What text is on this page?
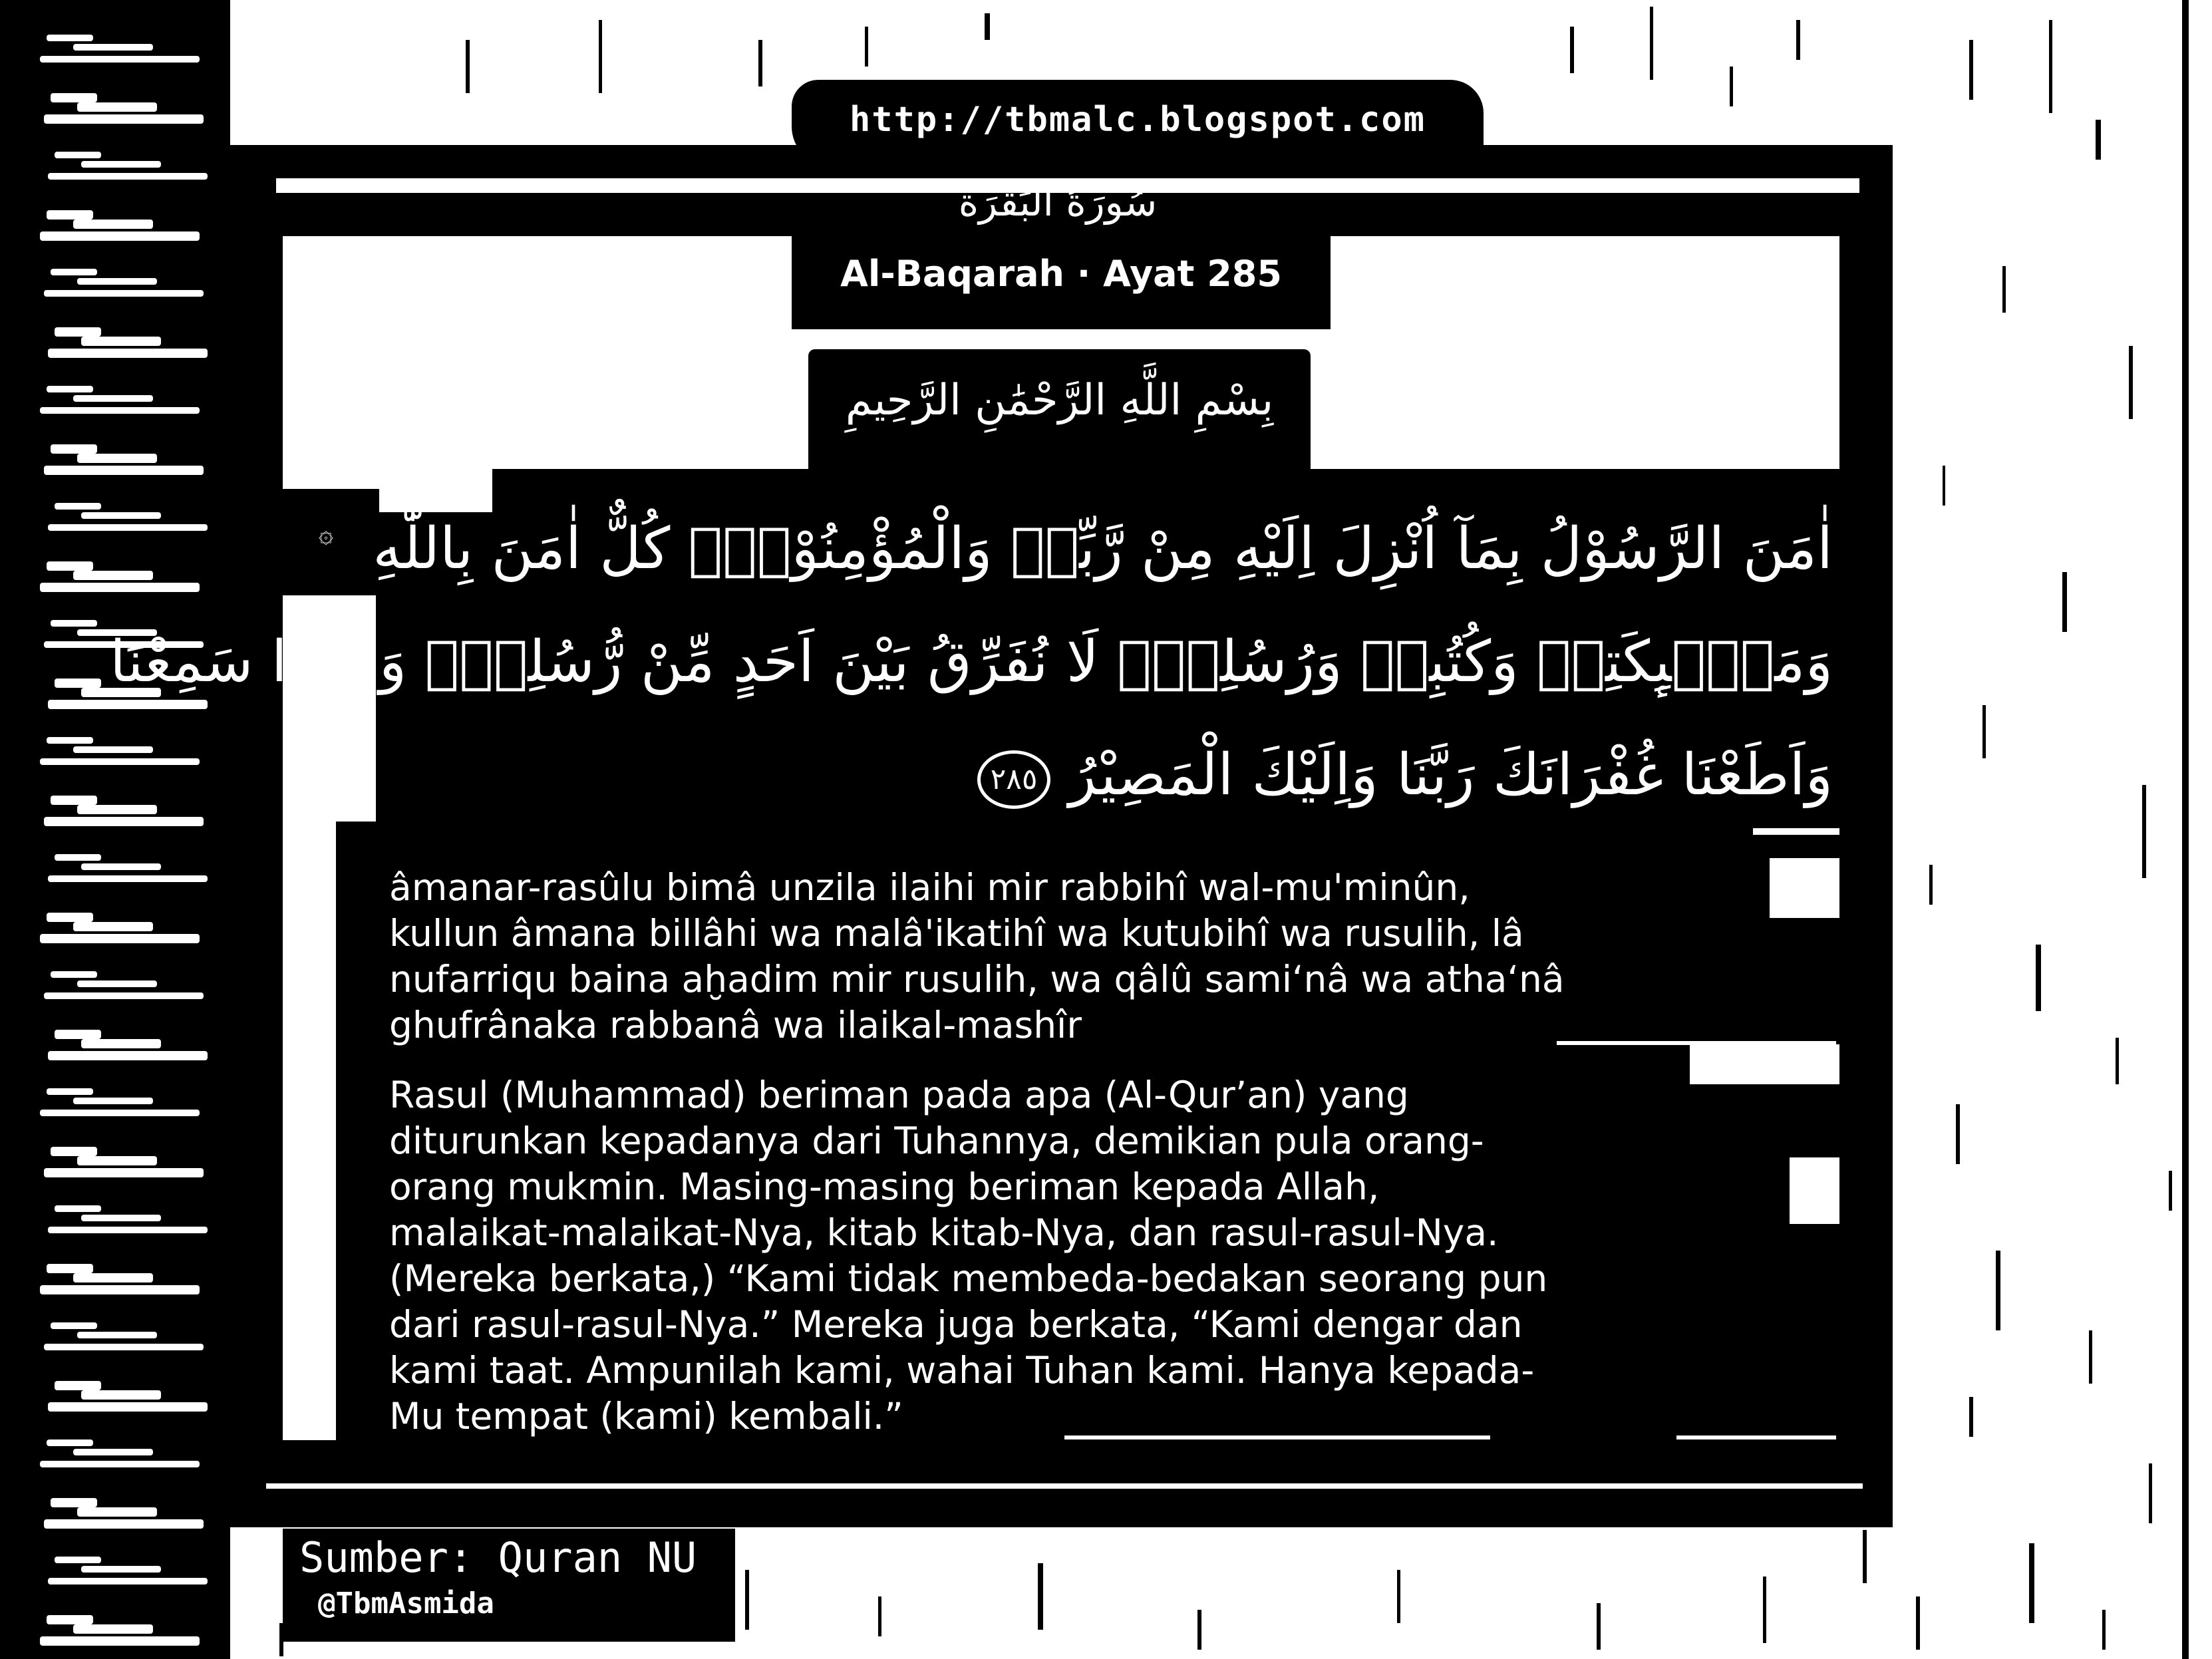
http://tbmalc.blogspot.com
سُورَةُ البَقَرَة
Al-Baqarah · Ayat 285
بِسْمِ اللَّهِ الرَّحْمَٰنِ الرَّحِيمِ
۞ اٰمَنَ الرَّسُوْلُ بِمَآ اُنْزِلَ اِلَيْهِ مِنْ رَّبِّهٖ وَالْمُؤْمِنُوْنَۗ كُلٌّ اٰمَنَ بِاللّٰهِ
وَمَلٰۤىِٕكَتِهٖ وَكُتُبِهٖ وَرُسُلِهٖۗ لَا نُفَرِّقُ بَيْنَ اَحَدٍ مِّنْ رُّسُلِهٖۗ وَقَالُوْا سَمِعْنَا
وَاَطَعْنَا غُفْرَانَكَ رَبَّنَا وَاِلَيْكَ الْمَصِيْرُ ٢٨٥
âmanar-rasûlu bimâ unzila ilaihi mir rabbihî wal-mu'minûn,
kullun âmana billâhi wa malâ'ikatihî wa kutubihî wa rusulih, lâ
nufarriqu baina aḫadim mir rusulih, wa qâlû sami‘nâ wa atha‘nâ
ghufrânaka rabbanâ wa ilaikal-mashîr
Rasul (Muhammad) beriman pada apa (Al-Qur’an) yang
diturunkan kepadanya dari Tuhannya, demikian pula orang-
orang mukmin. Masing-masing beriman kepada Allah,
malaikat-malaikat-Nya, kitab kitab-Nya, dan rasul-rasul-Nya.
(Mereka berkata,) “Kami tidak membeda-bedakan seorang pun
dari rasul-rasul-Nya.” Mereka juga berkata, “Kami dengar dan
kami taat. Ampunilah kami, wahai Tuhan kami. Hanya kepada-
Mu tempat (kami) kembali.”
Sumber: Quran NU
@TbmAsmida
